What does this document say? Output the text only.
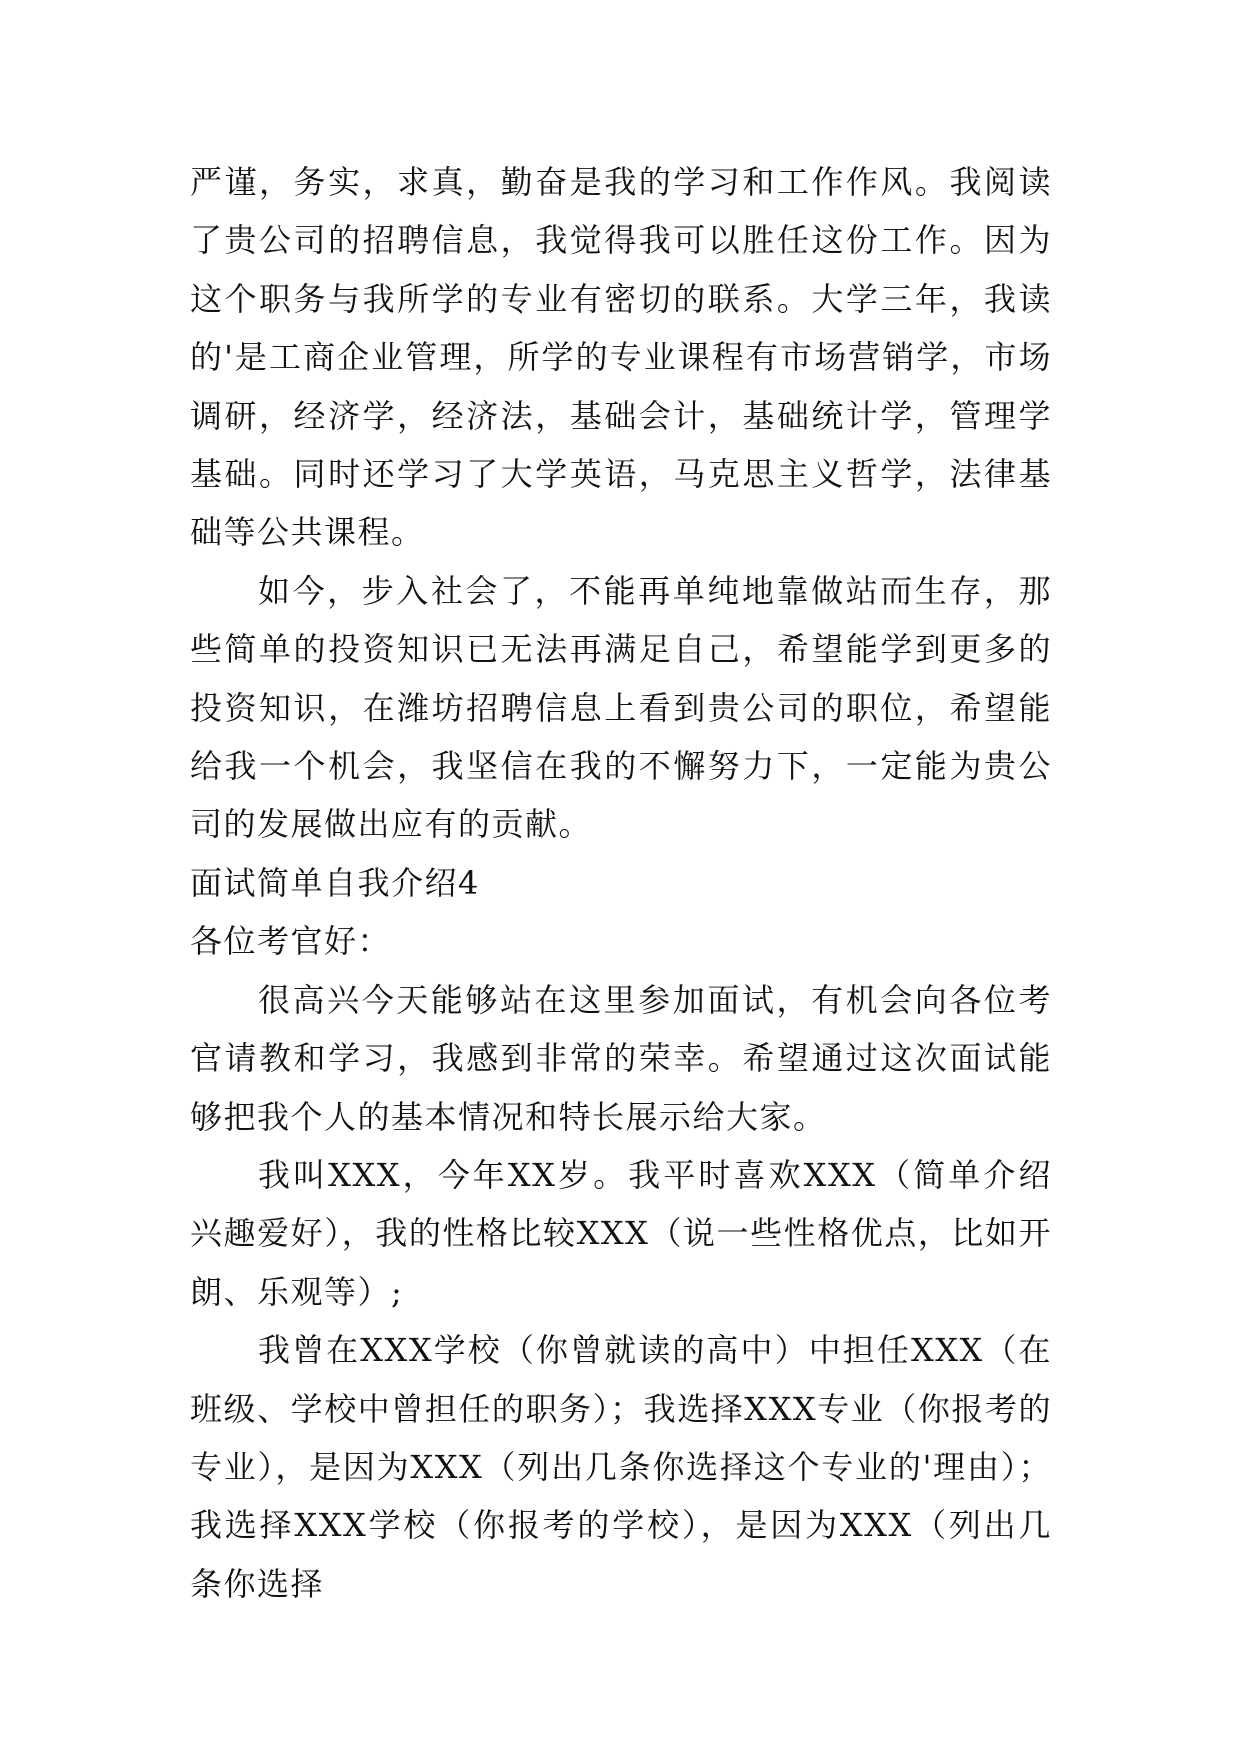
严谨，务实，求真，勤奋是我的学习和工作作风。我阅读了贵公司的招聘信息，我觉得我可以胜任这份工作。因为这个职务与我所学的专业有密切的联系。大学三年，我读的'是工商企业管理，所学的专业课程有市场营销学，市场调研，经济学，经济法，基础会计，基础统计学，管理学基础。同时还学习了大学英语，马克思主义哲学，法律基础等公共课程。

如今，步入社会了，不能再单纯地靠做站而生存，那些简单的投资知识已无法再满足自己，希望能学到更多的投资知识，在潍坊招聘信息上看到贵公司的职位，希望能给我一个机会，我坚信在我的不懈努力下，一定能为贵公司的发展做出应有的贡献。

面试简单自我介绍4

各位考官好：

很高兴今天能够站在这里参加面试，有机会向各位考官请教和学习，我感到非常的荣幸。希望通过这次面试能够把我个人的基本情况和特长展示给大家。

我叫XXX，今年XX岁。我平时喜欢XXX（简单介绍兴趣爱好），我的性格比较XXX（说一些性格优点，比如开朗、乐观等）;

我曾在XXX学校（你曾就读的高中）中担任XXX（在班级、学校中曾担任的职务）；我选择XXX专业（你报考的专业），是因为XXX（列出几条你选择这个专业的'理由）；我选择XXX学校（你报考的学校），是因为XXX（列出几条你选择
